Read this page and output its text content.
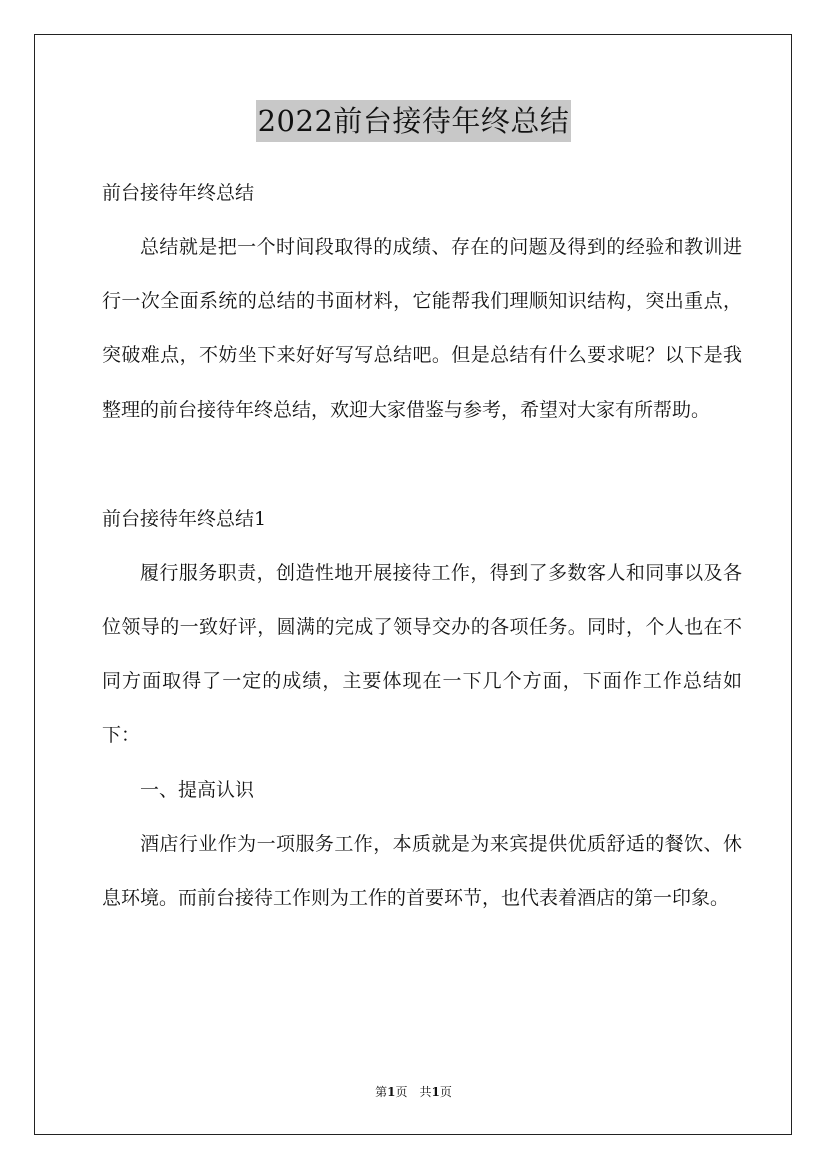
2022前台接待年终总结

前台接待年终总结

总结就是把一个时间段取得的成绩、存在的问题及得到的经验和教训进行一次全面系统的总结的书面材料，它能帮我们理顺知识结构，突出重点，突破难点，不妨坐下来好好写写总结吧。但是总结有什么要求呢？以下是我整理的前台接待年终总结，欢迎大家借鉴与参考，希望对大家有所帮助。

前台接待年终总结1

履行服务职责，创造性地开展接待工作，得到了多数客人和同事以及各位领导的一致好评，圆满的完成了领导交办的各项任务。同时，个人也在不同方面取得了一定的成绩，主要体现在一下几个方面，下面作工作总结如下：

一、提高认识

酒店行业作为一项服务工作，本质就是为来宾提供优质舒适的餐饮、休息环境。而前台接待工作则为工作的首要环节，也代表着酒店的第一印象。

第1页　共1页
